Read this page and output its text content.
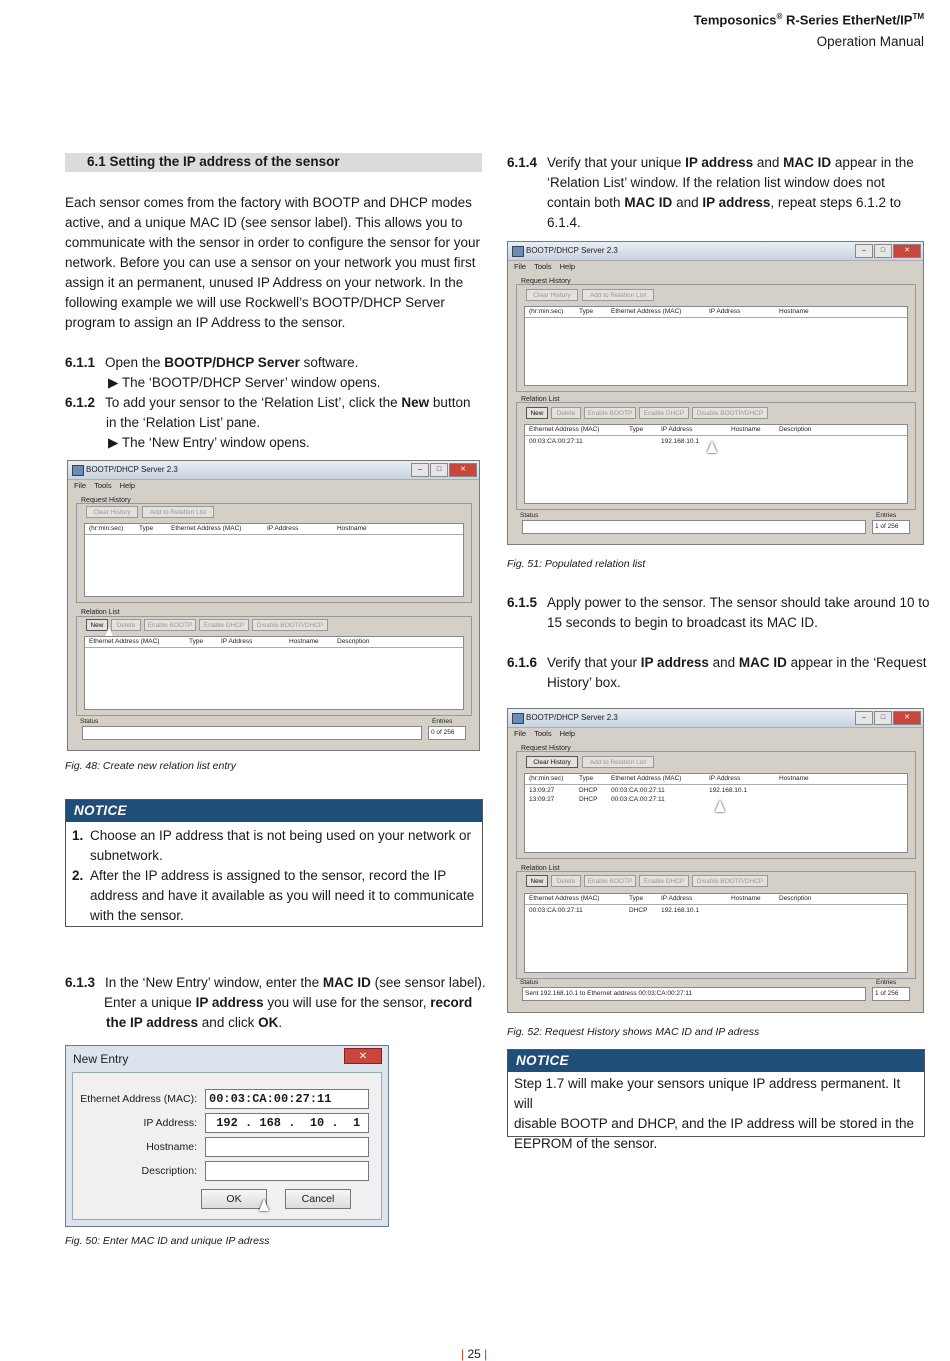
Temposonics® R-Series EtherNet/IP™
Operation Manual
6.1 Setting the IP address of the sensor

Each sensor comes from the factory with BOOTP and DHCP modes active, and a unique MAC ID (see sensor label). This allows you to communicate with the sensor in order to configure the sensor for your network. Before you can use a sensor on your network you must first assign it an permanent, unused IP Address on your network. In the following example we will use Rockwell’s BOOTP/DHCP Server program to assign an IP Address to the sensor.

6.1.1 Open the BOOTP/DHCP Server software.
▶ The ‘BOOTP/DHCP Server’ window opens.
6.1.2 To add your sensor to the ‘Relation List’, click the New button
in the ‘Relation List’ pane.
▶ The ‘New Entry’ window opens.
BOOTP/DHCP Server 2.3	–	□	✕
File Tools Help
Request History
Clear History	Add to Relation List
(hr:min:sec) Type	Ethernet Address (MAC)	IP Address	Hostname
Relation List
New	Delete	Enable BOOTP	Enable DHCP	Disable BOOTP/DHCP
Ethernet Address (MAC)	Type	IP Address	Hostname	Description
Status	Entries
0 of 256
Fig. 48: Create new relation list entry
NOTICE
1. Choose an IP address that is not being used on your network or
subnetwork.
2. After the IP address is assigned to the sensor, record the IP
address and have it available as you will need it to communicate
with the sensor.
6.1.3 In the ‘New Entry’ window, enter the MAC ID (see sensor label).
Enter a unique IP address you will use for the sensor, record
the IP address and click OK.
New Entry	✕
Ethernet Address (MAC):	00:03:CA:00:27:11
IP Address:	192 . 168 .  10 .  1
Hostname:
Description:
OK	Cancel
Fig. 50: Enter MAC ID and unique IP adress
6.1.4 Verify that your unique IP address and MAC ID appear in the
‘Relation List’ window. If the relation list window does not
contain both MAC ID and IP address, repeat steps 6.1.2 to
6.1.4.
BOOTP/DHCP Server 2.3	–	□	✕
File Tools Help
Request History
Clear History	Add to Relation List
(hr:min:sec) Type	Ethernet Address (MAC)	IP Address	Hostname
Relation List
New	Delete	Enable BOOTP	Enable DHCP	Disable BOOTP/DHCP
Ethernet Address (MAC)	Type	IP Address	Hostname	Description
00:03:CA:00:27:11	192.168.10.1
Status	Entries
1 of 256
Fig. 51: Populated relation list
6.1.5 Apply power to the sensor. The sensor should take around 10 to
15 seconds to begin to broadcast its MAC ID.
6.1.6 Verify that your IP address and MAC ID appear in the ‘Request
History’ box.
BOOTP/DHCP Server 2.3	–	□	✕
File Tools Help
Request History
Clear History	Add to Relation List
(hr:min:sec) Type	Ethernet Address (MAC)	IP Address	Hostname
13:09:27	DHCP 00:03:CA:00:27:11	192.168.10.1
13:09:27	DHCP 00:03:CA:00:27:11
Relation List
New	Delete	Enable BOOTP	Enable DHCP	Disable BOOTP/DHCP
Ethernet Address (MAC)	Type	IP Address	Hostname	Description
00:03:CA:00:27:11	DHCP 192.168.10.1
Status
Sent 192.168.10.1 to Ethernet address 00:03:CA:00:27:11
Entries
1 of 256
Fig. 52: Request History shows MAC ID and IP adress
NOTICE
Step 1.7 will make your sensors unique IP address permanent. It will
disable BOOTP and DHCP, and the IP address will be stored in the
EEPROM of the sensor.
| 25 |
